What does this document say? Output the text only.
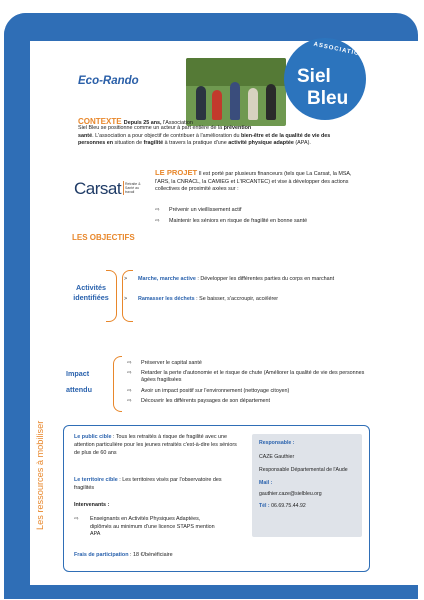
Eco-Rando
ASSOCIATION
Siel
Bleu
CONTEXTE Depuis 25 ans, l'Association
Siel Bleu se positionne comme un acteur à part entière de la prévention
santé. L'association a pour objectif de contribuer à l'amélioration du bien-être et de la qualité de vie des
personnes en situation de fragilité à travers la pratique d'une activité physique adaptée (APA).
Carsat Retraite & Santé au travail
LE PROJET Il est porté par plusieurs financeurs (tels que La Carsat, la MSA, l'ARS, la CNRACL, la CAMIEG et L'IRCANTEC) et vise à développer des actions collectives de proximité axées sur :
⇨ Prévenir un vieillissement actif
⇨ Maintenir les séniors en risque de fragilité en bonne santé
LES OBJECTIFS
Activités
identifiées
> Marche, marche active : Développer les différentes parties du corps en marchant
> Ramasser les déchets : Se baisser, s'accroupir, accélérer
Impact
attendu
⇨ Préserver le capital santé
⇨	Retarder la perte d'autonomie et le risque de chute (Améliorer la qualité de vie des personnes âgées fragilisées
⇨ Avoir un impact positif sur l'environnement (nettoyage citoyen)
⇨ Découvrir les différents paysages de son département
Les ressources à mobiliser	Le public cible : Tous les retraités à risque de fragilité avec une attention particulière pour les jeunes retraités c'est-à-dire les séniors de plus de 60 ans
Le territoire cible : Les territoires visés par l'observatoire des fragilités
Intervenants :
⇨	Enseignants en Activités Physiques Adaptées, diplômés au minimum d'une licence STAPS mention APA
Frais de participation : 18 €/bénéficiaire
Responsable :
CAZE Gauthier
Responsable Départemental de l'Aude
Mail :
gauthier.caze@sielbleu.org
Tél : 06.69.75.44.92
